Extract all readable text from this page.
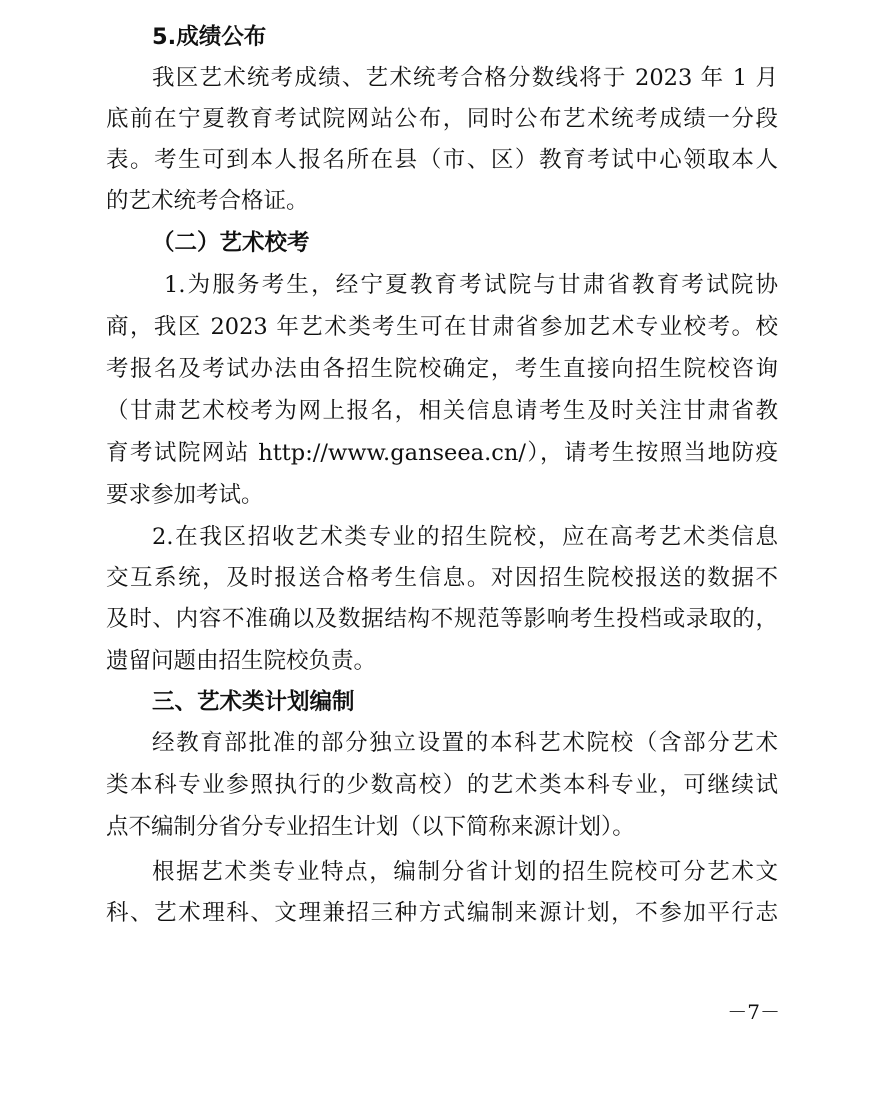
5.成绩公布
我区艺术统考成绩、艺术统考合格分数线将于 2023 年 1 月
底前在宁夏教育考试院网站公布，同时公布艺术统考成绩一分段
表。考生可到本人报名所在县（市、区）教育考试中心领取本人
的艺术统考合格证。
（二）艺术校考
1.为服务考生，经宁夏教育考试院与甘肃省教育考试院协
商，我区 2023 年艺术类考生可在甘肃省参加艺术专业校考。校
考报名及考试办法由各招生院校确定，考生直接向招生院校咨询
（甘肃艺术校考为网上报名，相关信息请考生及时关注甘肃省教
育考试院网站 http://www.ganseea.cn/），请考生按照当地防疫
要求参加考试。
2.在我区招收艺术类专业的招生院校，应在高考艺术类信息
交互系统，及时报送合格考生信息。对因招生院校报送的数据不
及时、内容不准确以及数据结构不规范等影响考生投档或录取的，
遗留问题由招生院校负责。
三、艺术类计划编制
经教育部批准的部分独立设置的本科艺术院校（含部分艺术
类本科专业参照执行的少数高校）的艺术类本科专业，可继续试
点不编制分省分专业招生计划（以下简称来源计划）。
根据艺术类专业特点，编制分省计划的招生院校可分艺术文
科、艺术理科、文理兼招三种方式编制来源计划，不参加平行志
－7－
